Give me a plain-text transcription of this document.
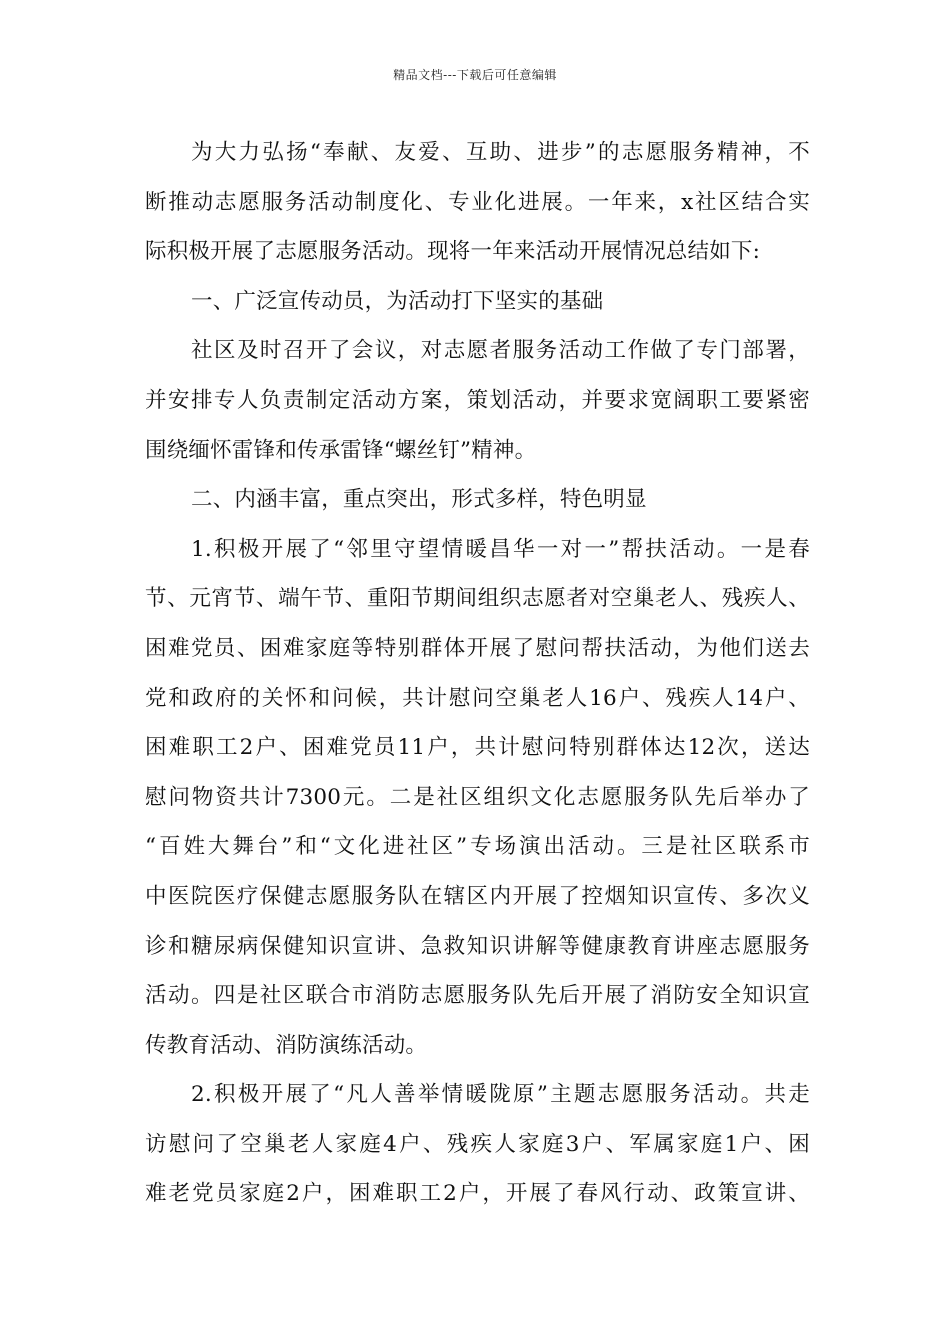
精品文档---下载后可任意编辑
为大力弘扬“奉献、友爱、互助、进步”的志愿服务精神，不
断推动志愿服务活动制度化、专业化进展。一年来，x社区结合实
际积极开展了志愿服务活动。现将一年来活动开展情况总结如下:
一、广泛宣传动员，为活动打下坚实的基础
社区及时召开了会议，对志愿者服务活动工作做了专门部署，
并安排专人负责制定活动方案，策划活动，并要求宽阔职工要紧密
围绕缅怀雷锋和传承雷锋“螺丝钉”精神。
二、内涵丰富，重点突出，形式多样，特色明显
1.积极开展了“邻里守望情暖昌华一对一”帮扶活动。一是春
节、元宵节、端午节、重阳节期间组织志愿者对空巢老人、残疾人、
困难党员、困难家庭等特别群体开展了慰问帮扶活动，为他们送去
党和政府的关怀和问候，共计慰问空巢老人16户、残疾人14户、
困难职工2户、困难党员11户，共计慰问特别群体达12次，送达
慰问物资共计7300元。二是社区组织文化志愿服务队先后举办了
“百姓大舞台”和“文化进社区”专场演出活动。三是社区联系市
中医院医疗保健志愿服务队在辖区内开展了控烟知识宣传、多次义
诊和糖尿病保健知识宣讲、急救知识讲解等健康教育讲座志愿服务
活动。四是社区联合市消防志愿服务队先后开展了消防安全知识宣
传教育活动、消防演练活动。
2.积极开展了“凡人善举情暖陇原”主题志愿服务活动。共走
访慰问了空巢老人家庭4户、残疾人家庭3户、军属家庭1户、困
难老党员家庭2户，困难职工2户，开展了春风行动、政策宣讲、
